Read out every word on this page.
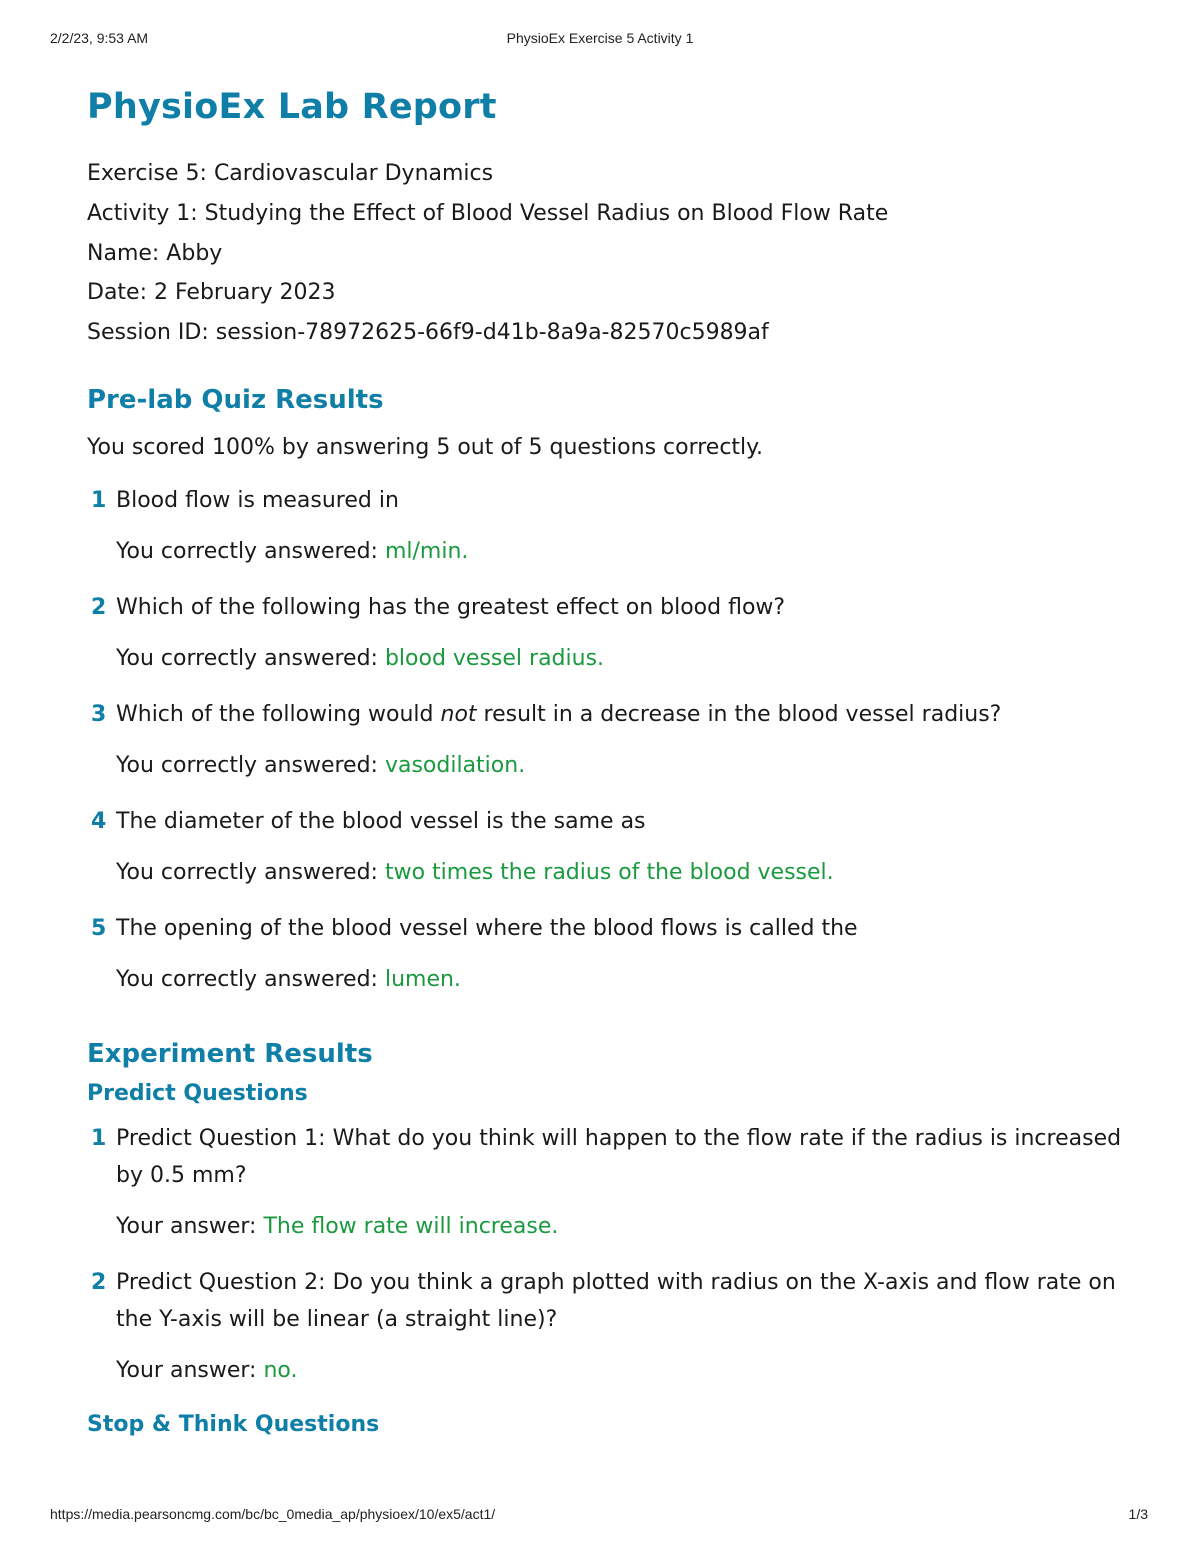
2/2/23, 9:53 AM	PhysioEx Exercise 5 Activity 1
PhysioEx Lab Report
Exercise 5: Cardiovascular Dynamics
Activity 1: Studying the Effect of Blood Vessel Radius on Blood Flow Rate
Name: Abby
Date: 2 February 2023
Session ID: session-78972625-66f9-d41b-8a9a-82570c5989af
Pre-lab Quiz Results
You scored 100% by answering 5 out of 5 questions correctly.
1 Blood flow is measured in
You correctly answered: ml/min.
2 Which of the following has the greatest effect on blood flow?
You correctly answered: blood vessel radius.
3 Which of the following would not result in a decrease in the blood vessel radius?
You correctly answered: vasodilation.
4 The diameter of the blood vessel is the same as
You correctly answered: two times the radius of the blood vessel.
5 The opening of the blood vessel where the blood flows is called the
You correctly answered: lumen.
Experiment Results
Predict Questions
1 Predict Question 1: What do you think will happen to the flow rate if the radius is increased by 0.5 mm?
Your answer: The flow rate will increase.
2 Predict Question 2: Do you think a graph plotted with radius on the X-axis and flow rate on the Y-axis will be linear (a straight line)?
Your answer: no.
Stop & Think Questions
https://media.pearsoncmg.com/bc/bc_0media_ap/physioex/10/ex5/act1/	1/3
